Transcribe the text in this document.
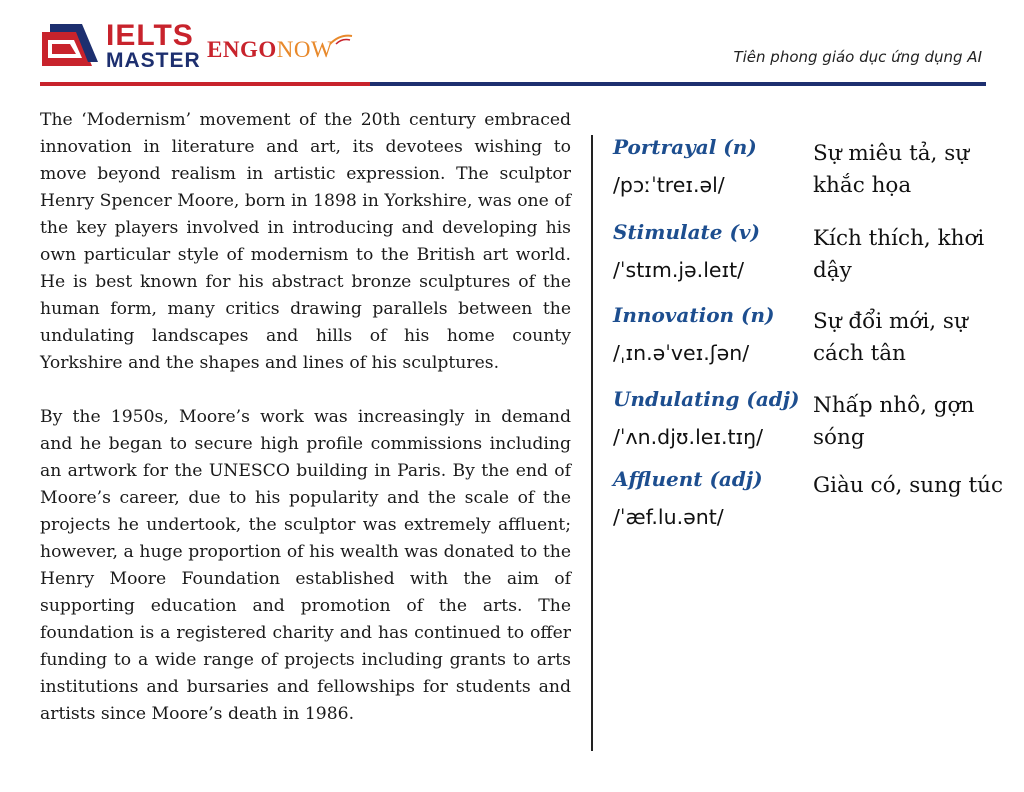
IELTS
MASTER ENGONOW	Tiên phong giáo dục ứng dụng AI

The ‘Modernism’ movement of the 20th century embraced innovation in literature and art, its devotees wishing to move beyond realism in artistic expression. The sculptor Henry Spencer Moore, born in 1898 in Yorkshire, was one of the key players involved in introducing and developing his own particular style of modernism to the British art world. He is best known for his abstract bronze sculptures of the human form, many critics drawing parallels between the undulating landscapes and hills of his home county Yorkshire and the shapes and lines of his sculptures.

By the 1950s, Moore’s work was increasingly in demand and he began to secure high profile commissions including an artwork for the UNESCO building in Paris. By the end of Moore’s career, due to his popularity and the scale of the projects he undertook, the sculptor was extremely affluent; however, a huge proportion of his wealth was donated to the Henry Moore Foundation established with the aim of supporting education and promotion of the arts. The foundation is a registered charity and has continued to offer funding to a wide range of projects including grants to arts institutions and bursaries and fellowships for students and artists since Moore’s death in 1986.

Portrayal (n)
/pɔːˈtreɪ.əl/
Sự miêu tả, sự khắc họa
Stimulate (v)
/ˈstɪm.jə.leɪt/
Kích thích, khơi dậy
Innovation (n)
/ˌɪn.əˈveɪ.ʃən/
Sự đổi mới, sự cách tân
Undulating (adj)
/ˈʌn.djʊ.leɪ.tɪŋ/
Nhấp nhô, gợn sóng
Affluent (adj)
/ˈæf.lu.ənt/
Giàu có, sung túc
